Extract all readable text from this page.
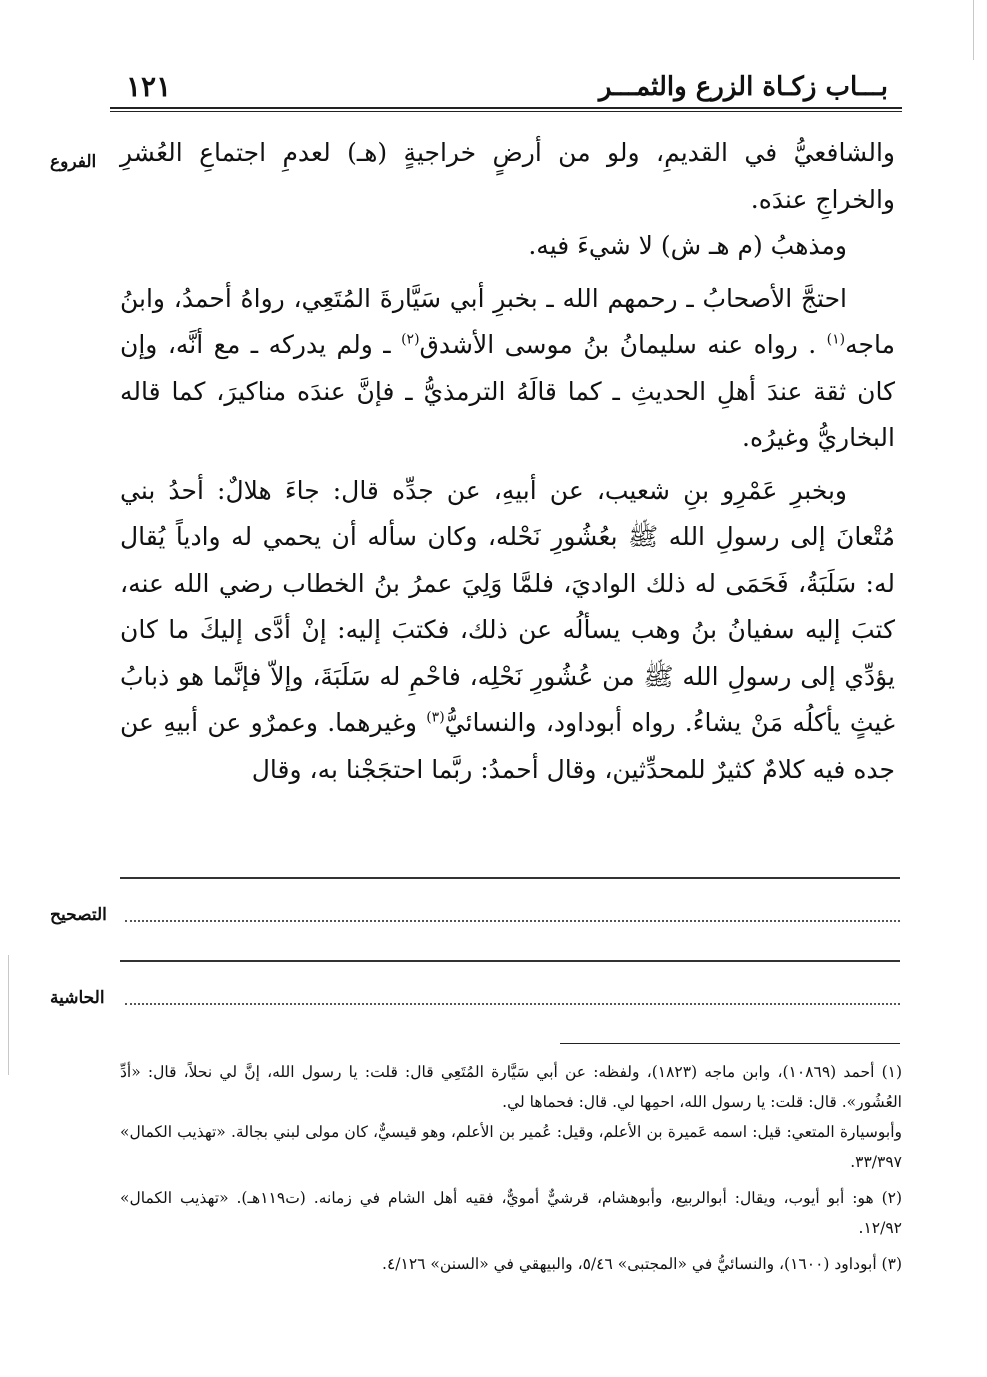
بـــاب زكـاة الزرع والثمـــر
١٢١
الفروع والشافعيُّ في القديمِ، ولو من أرضٍ خراجيةٍ (هـ) لعدمِ اجتماعِ العُشرِ والخراجِ عندَه.

ومذهبُ (م هـ ش) لا شيءَ فيه.

احتجَّ الأصحابُ ـ رحمهم الله ـ بخبرِ أبي سَيَّارةَ المُتَعِي، رواهُ أحمدُ، وابنُ ماجه$^{(١)}$ . رواه عنه سليمانُ بنُ موسى الأشدق$^{(٢)}$ ـ ولم يدركه ـ مع أنَّه، وإن كان ثقة عندَ أهلِ الحديثِ ـ كما قالَهُ الترمذيُّ ـ فإنَّ عندَه مناكيرَ، كما قاله البخاريُّ وغيرُه.

وبخبرِ عَمْرِو بنِ شعيب، عن أبيهِ، عن جدِّه قال: جاءَ هلالٌ: أحدُ بني مُتْعانَ إلى رسولِ الله ﷺ بعُشُورِ نَحْله، وكان سأله أن يحمي له وادياً يُقال له: سَلَبَةُ، فَحَمَى له ذلك الواديَ، فلمَّا وَلِيَ عمرُ بنُ الخطاب رضي الله عنه، كتبَ إليه سفيانُ بنُ وهب يسألُه عن ذلك، فكتبَ إليه: إنْ أدَّى إليكَ ما كان يؤدِّي إلى رسولِ الله ﷺ من عُشُورِ نَحْلِه، فاحْمِ له سَلَبَةَ، وإلاّ فإنَّما هو ذبابُ غيثٍ يأكلُه مَنْ يشاءُ. رواه أبوداود، والنسائيُّ$^{(٣)}$ وغيرهما. وعمرٌو عن أبيهِ عن جده فيه كلامٌ كثيرٌ للمحدِّثين، وقال أحمدُ: ربَّما احتجَجْنا به، وقال

التصحيح
الحاشية

(١) أحمد (١٠٨٦٩)، وابن ماجه (١٨٢٣)، ولفظه: عن أبي سَيَّارة المُتَعِي قال: قلت: يا رسول الله، إنَّ لي نحلاً، قال: «أدِّ العُشُور». قال: قلت: يا رسول الله، احمِها لي. قال: فحماها لي.

وأبوسيارة المتعي: قيل: اسمه عَميرة بن الأعلم، وقيل: عُمير بن الأعلم، وهو قيسيٌّ، كان مولى لبني بجالة. «تهذيب الكمال» ٣٣/٣٩٧.

(٢) هو: أبو أيوب، ويقال: أبوالربيع، وأبوهشام، قرشيٌّ أمويٌّ، فقيه أهل الشام في زمانه. (ت١١٩هـ). «تهذيب الكمال» ١٢/٩٢.

(٣) أبوداود (١٦٠٠)، والنسائيُّ في «المجتبى» ٥/٤٦، والبيهقي في «السنن» ٤/١٢٦.
